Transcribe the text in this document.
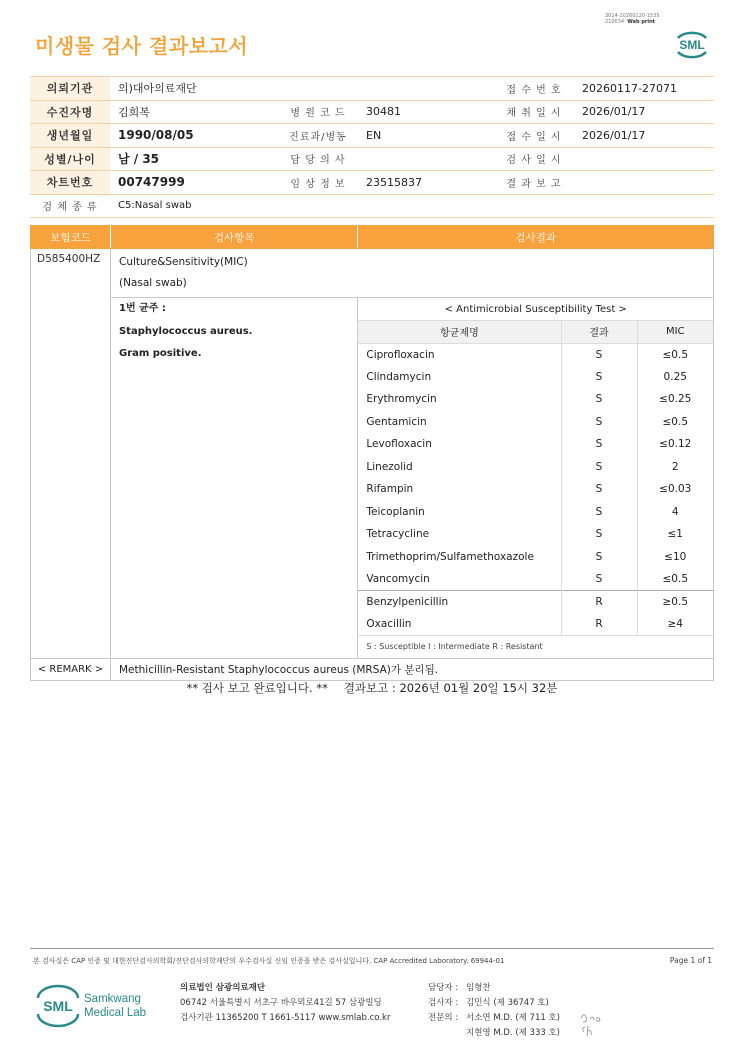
미생물 검사 결과보고서
3014-20260120-1535
210034 Web print
SML
의뢰기관	의)대아의료재단			접 수 번 호	20260117-27071
수진자명	김희복	병 원 코 드	30481	채 취 일 시	2026/01/17
생년월일	1990/08/05	진료과/병동	EN	접 수 일 시	2026/01/17
성별/나이	남 / 35	담 당 의 사		검 사 일 시	
차트번호	00747999	임 상 정 보	23515837	결 과 보 고	
검 체 종 류	C5:Nasal swab				
보험코드	검사항목	검사결과
D585400HZ	Culture&Sensitivity(MIC)
(Nasal swab)

1번 균주 :
Staphylococcus aureus.
Gram positive.

< Antimicrobial Susceptibility Test >
항균제명	결과	MIC
Ciprofloxacin	S	≤0.5
Clindamycin	S	0.25
Erythromycin	S	≤0.25
Gentamicin	S	≤0.5
Levofloxacin	S	≤0.12
Linezolid	S	2
Rifampin	S	≤0.03
Teicoplanin	S	4
Tetracycline	S	≤1
Trimethoprim/Sulfamethoxazole	S	≤10
Vancomycin	S	≤0.5
Benzylpenicillin	R	≥0.5
Oxacillin	R	≥4
S : Susceptible I : Intermediate R : Resistant

< REMARK >	Methicillin-Resistant Staphylococcus aureus (MRSA)가 분리됨.
** 검사 보고 완료입니다. ** 결과보고 : 2026년 01월 20일 15시 32분
본 검사실은 CAP 인증 및 대한진단검사의학회/진단검사의학재단의 우수검사실 신임 인증을 받은 검사실입니다. CAP Accredited Laboratory. 69944-01	Page 1 of 1
SML Samkwang
Medical Lab
의료법인 삼광의료재단
06742 서울특별시 서초구 바우뫼로41길 57 삼광빌딩
검사기관 11365200 T 1661-5117 www.smlab.co.kr
담당자 : 임형찬
검사자 : 김민식 (제 36747 호)
전문의 : 서소연 M.D. (제 711 호)
지현영 M.D. (제 333 호)
